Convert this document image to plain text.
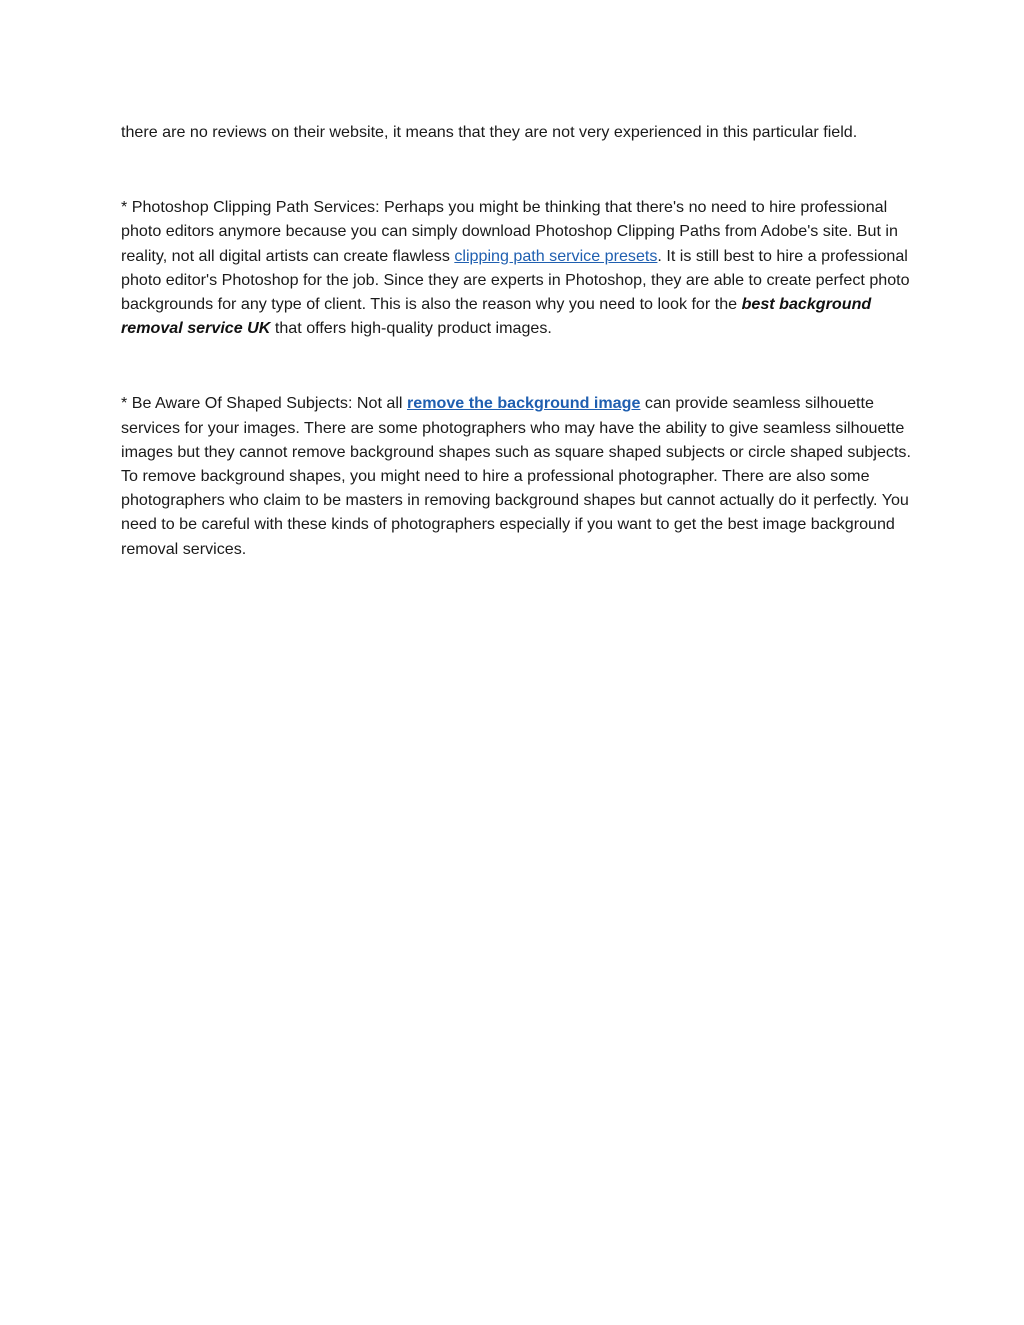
there are no reviews on their website, it means that they are not very experienced in this particular field.

* Photoshop Clipping Path Services: Perhaps you might be thinking that there's no need to hire professional photo editors anymore because you can simply download Photoshop Clipping Paths from Adobe's site. But in reality, not all digital artists can create flawless clipping path service presets. It is still best to hire a professional photo editor's Photoshop for the job. Since they are experts in Photoshop, they are able to create perfect photo backgrounds for any type of client. This is also the reason why you need to look for the best background removal service UK that offers high-quality product images.

* Be Aware Of Shaped Subjects: Not all remove the background image can provide seamless silhouette services for your images. There are some photographers who may have the ability to give seamless silhouette images but they cannot remove background shapes such as square shaped subjects or circle shaped subjects. To remove background shapes, you might need to hire a professional photographer. There are also some photographers who claim to be masters in removing background shapes but cannot actually do it perfectly. You need to be careful with these kinds of photographers especially if you want to get the best image background removal services.
